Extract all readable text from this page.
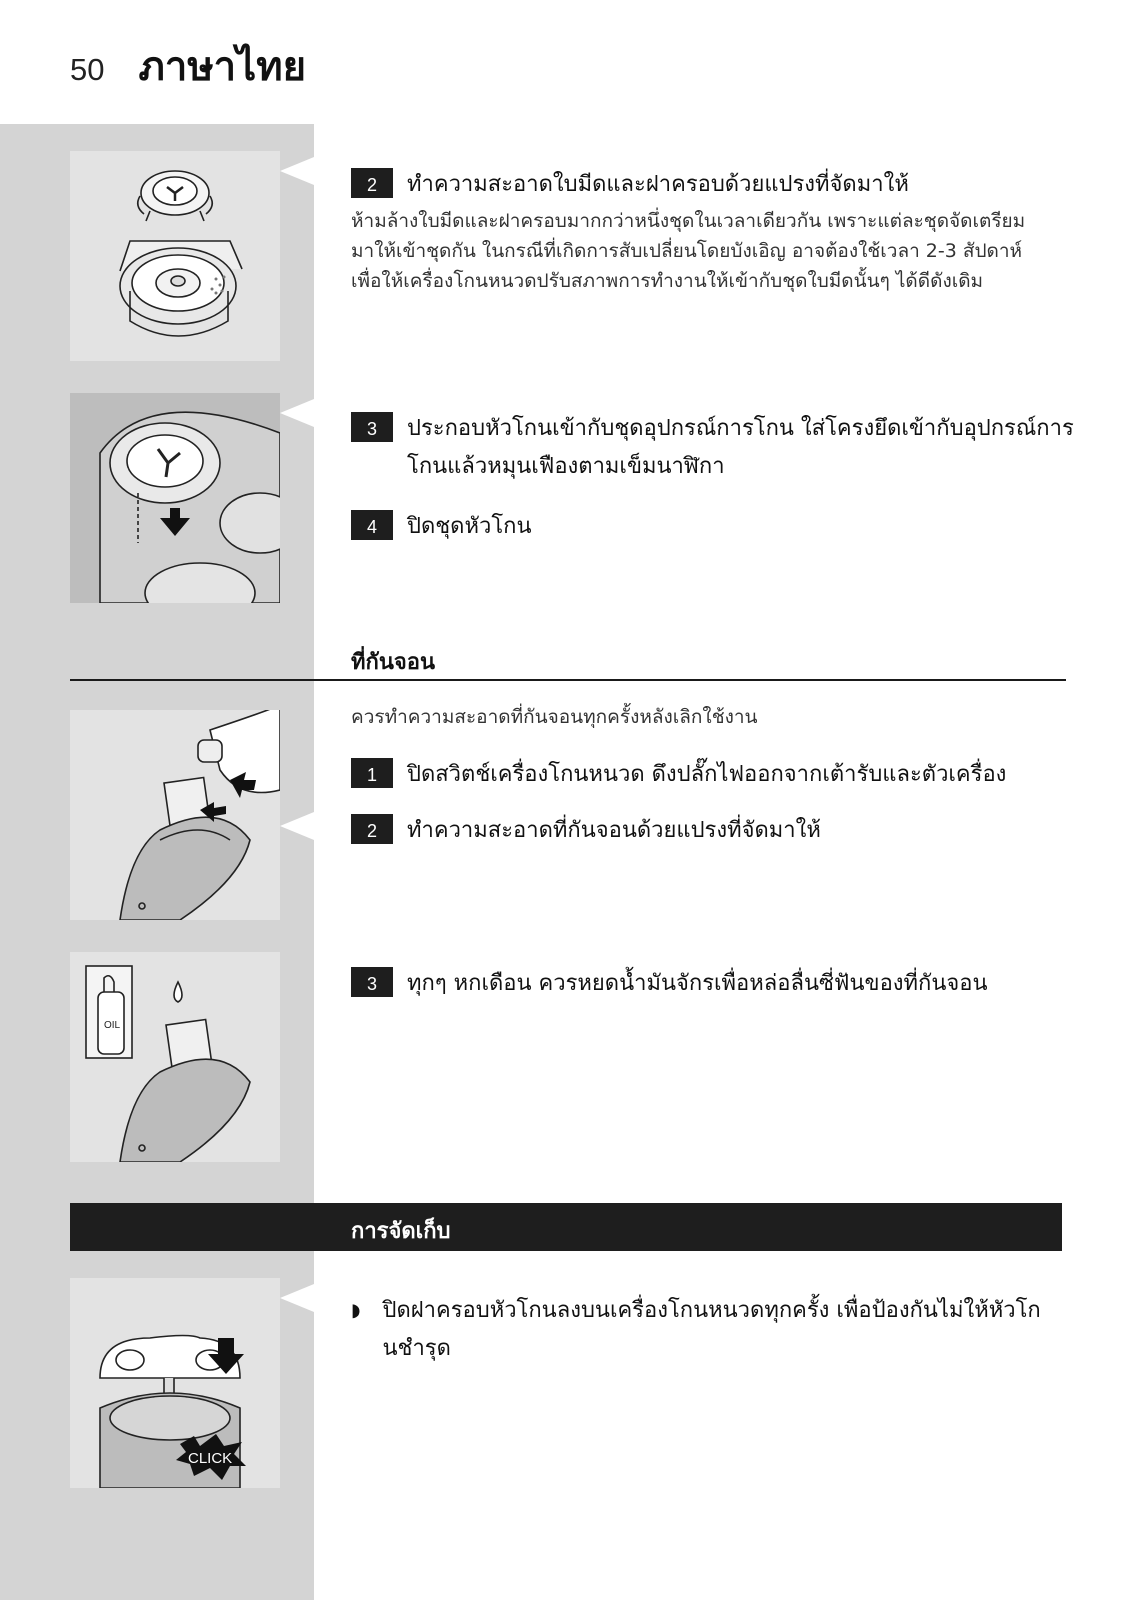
50 ภาษาไทย
OIL
CLICK
2	ทำความสะอาดใบมีดและฝาครอบด้วยแปรงที่จัดมาให้
ห้ามล้างใบมีดและฝาครอบมากกว่าหนึ่งชุดในเวลาเดียวกัน เพราะแต่ละชุดจัดเตรียม
มาให้เข้าชุดกัน ในกรณีที่เกิดการสับเปลี่ยนโดยบังเอิญ อาจต้องใช้เวลา 2-3 สัปดาห์
เพื่อให้เครื่องโกนหนวดปรับสภาพการทำงานให้เข้ากับชุดใบมีดนั้นๆ ได้ดีดังเดิม
3	ประกอบหัวโกนเข้ากับชุดอุปกรณ์การโกน ใส่โครงยึดเข้ากับอุปกรณ์การ
โกนแล้วหมุนเฟืองตามเข็มนาฬิกา
4	ปิดชุดหัวโกน
ที่กันจอน
ควรทำความสะอาดที่กันจอนทุกครั้งหลังเลิกใช้งาน
1	ปิดสวิตช์เครื่องโกนหนวด ดึงปลั๊กไฟออกจากเต้ารับและตัวเครื่อง
2	ทำความสะอาดที่กันจอนด้วยแปรงที่จัดมาให้
3	ทุกๆ หกเดือน ควรหยดน้ำมันจักรเพื่อหล่อลื่นซี่ฟันของที่กันจอน
การจัดเก็บ
◗ ปิดฝาครอบหัวโกนลงบนเครื่องโกนหนวดทุกครั้ง เพื่อป้องกันไม่ให้หัวโก
นชำรุด
